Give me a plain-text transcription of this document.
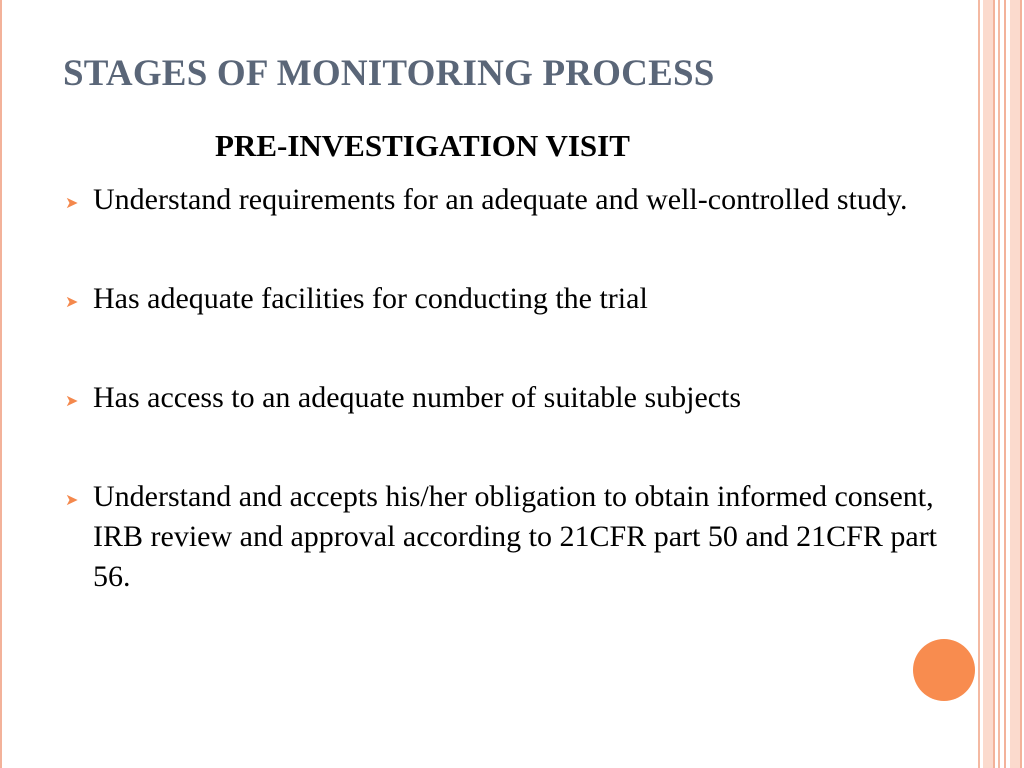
STAGES OF MONITORING PROCESS
PRE-INVESTIGATION VISIT
➤ Understand requirements for an adequate and well-controlled study.
➤ Has adequate facilities for conducting the trial
➤ Has access to an adequate number of suitable subjects
➤ Understand and accepts his/her obligation to obtain informed consent, IRB review and approval according to 21CFR part 50 and 21CFR part 56.
